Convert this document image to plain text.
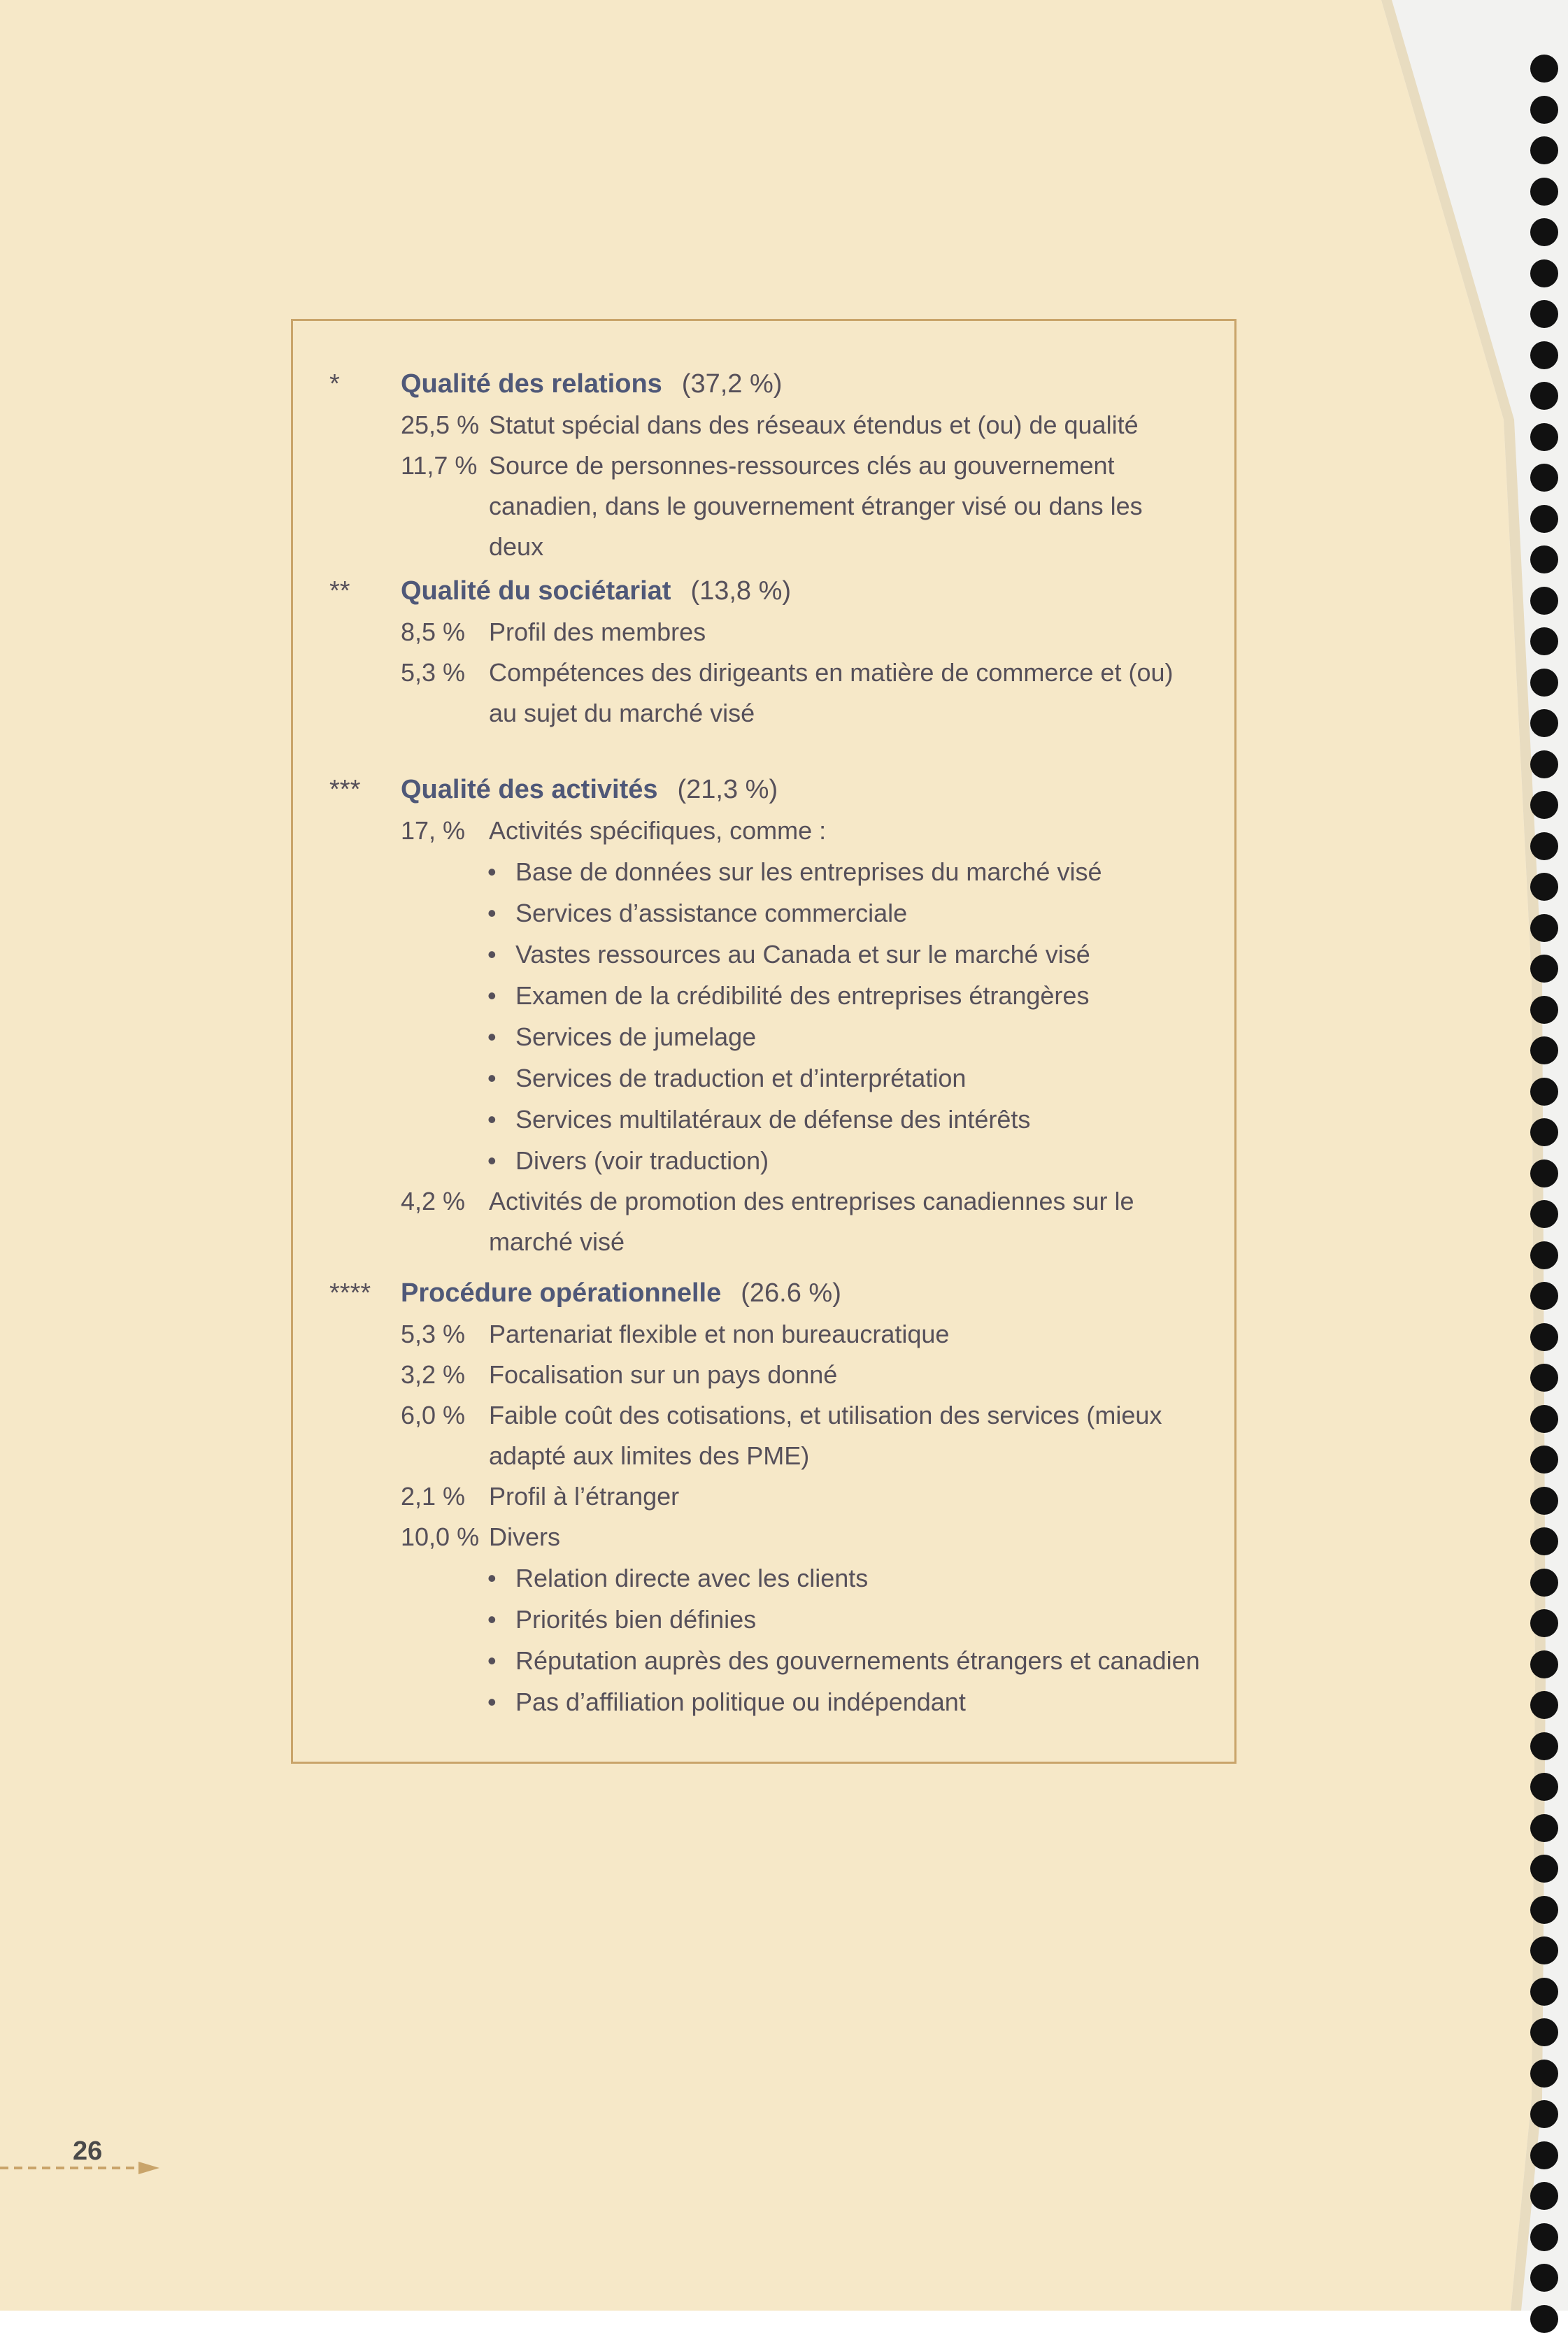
* Qualité des relations (37,2 %)
25,5 % Statut spécial dans des réseaux étendus et (ou) de qualité
11,7 % Source de personnes-ressources clés au gouvernement canadien, dans le gouvernement étranger visé ou dans les deux
** Qualité du sociétariat (13,8 %)
8,5 % Profil des membres
5,3 % Compétences des dirigeants en matière de commerce et (ou) au sujet du marché visé
*** Qualité des activités (21,3 %)
17, % Activités spécifiques, comme :
• Base de données sur les entreprises du marché visé
• Services d’assistance commerciale
• Vastes ressources au Canada et sur le marché visé
• Examen de la crédibilité des entreprises étrangères
• Services de jumelage
• Services de traduction et d’interprétation
• Services multilatéraux de défense des intérêts
• Divers (voir traduction)
4,2 % Activités de promotion des entreprises canadiennes sur le marché visé
**** Procédure opérationnelle (26.6 %)
5,3 % Partenariat flexible et non bureaucratique
3,2 % Focalisation sur un pays donné
6,0 % Faible coût des cotisations, et utilisation des services (mieux adapté aux limites des PME)
2,1 % Profil à l’étranger
10,0 % Divers
• Relation directe avec les clients
• Priorités bien définies
• Réputation auprès des gouvernements étrangers et canadien
• Pas d’affiliation politique ou indépendant
26
